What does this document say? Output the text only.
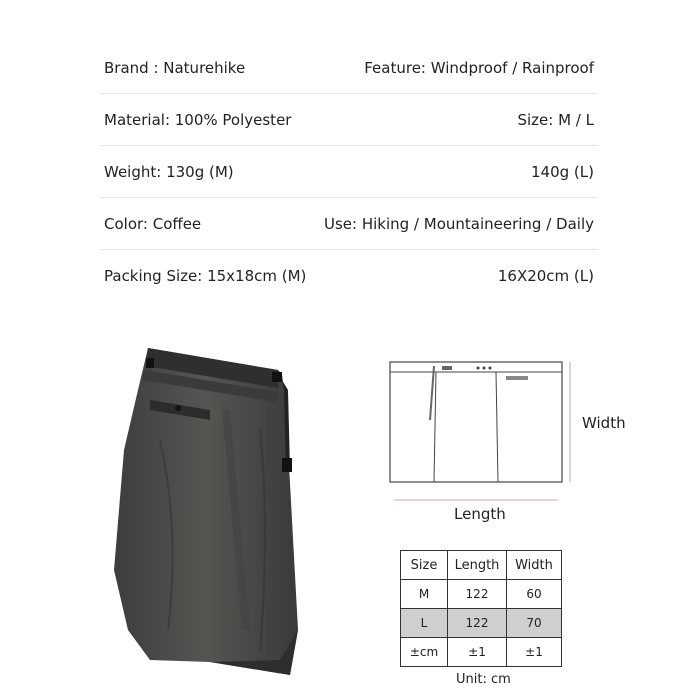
Brand : Naturehike	Feature: Windproof / Rainproof
Material: 100% Polyester	Size: M / L
Weight: 130g (M)	140g (L)
Color: Coffee	Use: Hiking / Mountaineering / Daily
Packing Size: 15x18cm (M)	16X20cm (L)
Width
Length
Size	Length	Width
M	122	60
L	122	70
±cm	±1	±1
Unit: cm
